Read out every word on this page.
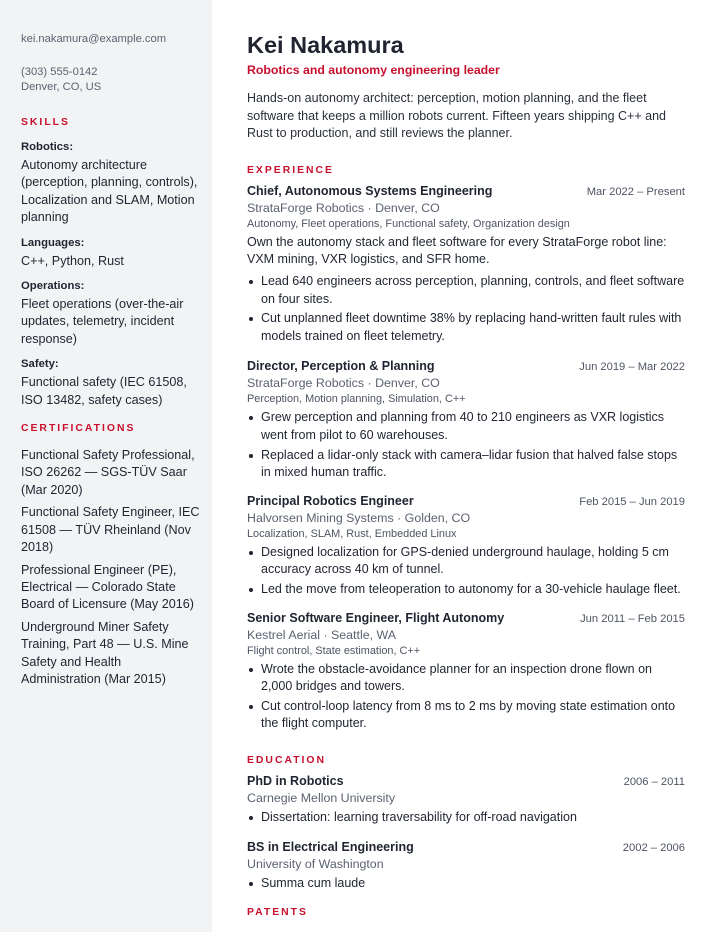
kei.nakamura@example.com
(303) 555-0142
Denver, CO, US
SKILLS
Robotics:
Autonomy architecture (perception, planning, controls), Localization and SLAM, Motion planning
Languages:
C++, Python, Rust
Operations:
Fleet operations (over-the-air updates, telemetry, incident response)
Safety:
Functional safety (IEC 61508, ISO 13482, safety cases)
CERTIFICATIONS
Functional Safety Professional, ISO 26262 — SGS-TÜV Saar (Mar 2020)
Functional Safety Engineer, IEC 61508 — TÜV Rheinland (Nov 2018)
Professional Engineer (PE), Electrical — Colorado State Board of Licensure (May 2016)
Underground Miner Safety Training, Part 48 — U.S. Mine Safety and Health Administration (Mar 2015)
Kei Nakamura
Robotics and autonomy engineering leader

Hands-on autonomy architect: perception, motion planning, and the fleet software that keeps a million robots current. Fifteen years shipping C++ and Rust to production, and still reviews the planner.

EXPERIENCE
Chief, Autonomous Systems Engineering	Mar 2022 – Present
StrataForge Robotics · Denver, CO
Autonomy, Fleet operations, Functional safety, Organization design
Own the autonomy stack and fleet software for every StrataForge robot line: VXM mining, VXR logistics, and SFR home.
Lead 640 engineers across perception, planning, controls, and fleet software on four sites.
Cut unplanned fleet downtime 38% by replacing hand-written fault rules with models trained on fleet telemetry.
Director, Perception & Planning	Jun 2019 – Mar 2022
StrataForge Robotics · Denver, CO
Perception, Motion planning, Simulation, C++
Grew perception and planning from 40 to 210 engineers as VXR logistics went from pilot to 60 warehouses.
Replaced a lidar-only stack with camera–lidar fusion that halved false stops in mixed human traffic.
Principal Robotics Engineer	Feb 2015 – Jun 2019
Halvorsen Mining Systems · Golden, CO
Localization, SLAM, Rust, Embedded Linux
Designed localization for GPS-denied underground haulage, holding 5 cm accuracy across 40 km of tunnel.
Led the move from teleoperation to autonomy for a 30-vehicle haulage fleet.
Senior Software Engineer, Flight Autonomy	Jun 2011 – Feb 2015
Kestrel Aerial · Seattle, WA
Flight control, State estimation, C++
Wrote the obstacle-avoidance planner for an inspection drone flown on 2,000 bridges and towers.
Cut control-loop latency from 8 ms to 2 ms by moving state estimation onto the flight computer.
EDUCATION
PhD in Robotics	2006 – 2011
Carnegie Mellon University
Dissertation: learning traversability for off-road navigation
BS in Electrical Engineering	2002 – 2006
University of Washington
Summa cum laude
PATENTS
